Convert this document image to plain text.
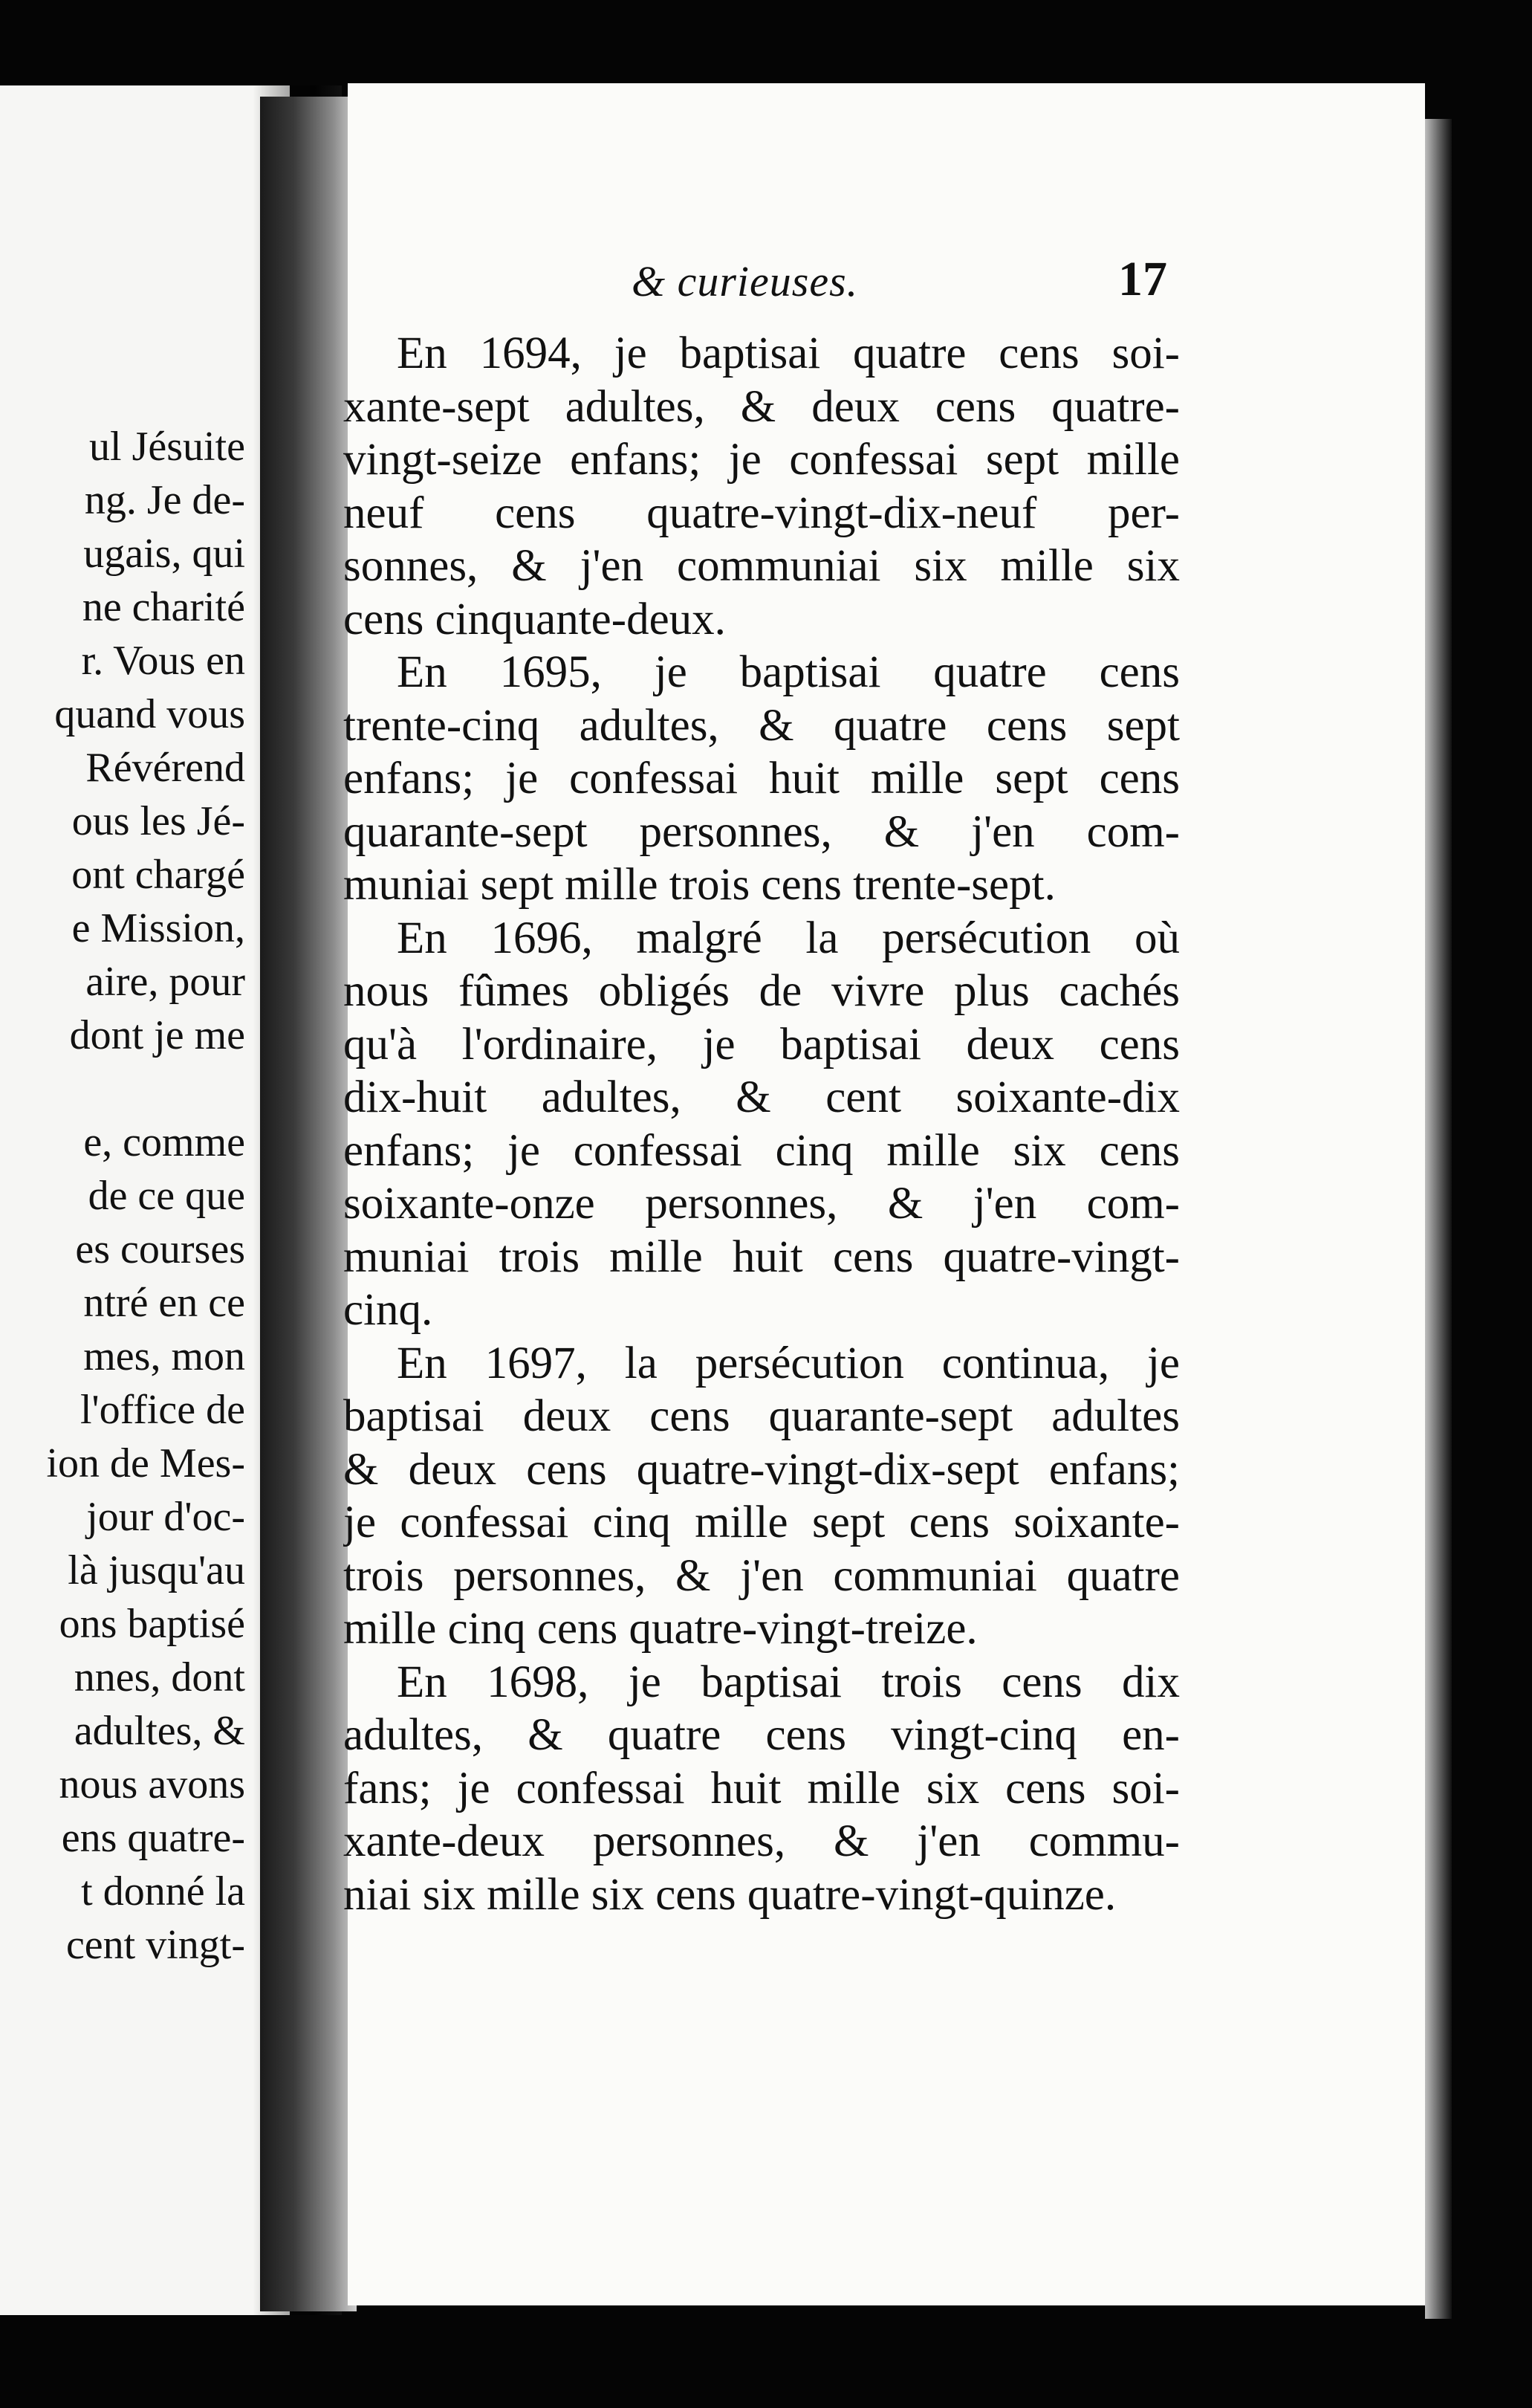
ul Jésuite
ng. Je de-
ugais, qui
ne charité
r. Vous en
quand vous
Révérend
ous les Jé-
ont chargé
e Mission,
aire, pour
dont je me
e, comme
de ce que
es courses
ntré en ce
mes, mon
l'office de
ion de Mes-
jour d'oc-
là jusqu'au
ons baptisé
nnes, dont
adultes, &
nous avons
ens quatre-
t donné la
cent vingt-
& curieuses.	17
En 1694, je baptisai quatre cens soi-
xante-sept adultes, & deux cens quatre-
vingt-seize enfans; je confessai sept mille
neuf cens quatre-vingt-dix-neuf per-
sonnes, & j'en communiai six mille six
cens cinquante-deux.
En 1695, je baptisai quatre cens
trente-cinq adultes, & quatre cens sept
enfans; je confessai huit mille sept cens
quarante-sept personnes, & j'en com-
muniai sept mille trois cens trente-sept.
En 1696, malgré la persécution où
nous fûmes obligés de vivre plus cachés
qu'à l'ordinaire, je baptisai deux cens
dix-huit adultes, & cent soixante-dix
enfans; je confessai cinq mille six cens
soixante-onze personnes, & j'en com-
muniai trois mille huit cens quatre-vingt-
cinq.
En 1697, la persécution continua, je
baptisai deux cens quarante-sept adultes
& deux cens quatre-vingt-dix-sept enfans;
je confessai cinq mille sept cens soixante-
trois personnes, & j'en communiai quatre
mille cinq cens quatre-vingt-treize.
En 1698, je baptisai trois cens dix
adultes, & quatre cens vingt-cinq en-
fans; je confessai huit mille six cens soi-
xante-deux personnes, & j'en commu-
niai six mille six cens quatre-vingt-quinze.
